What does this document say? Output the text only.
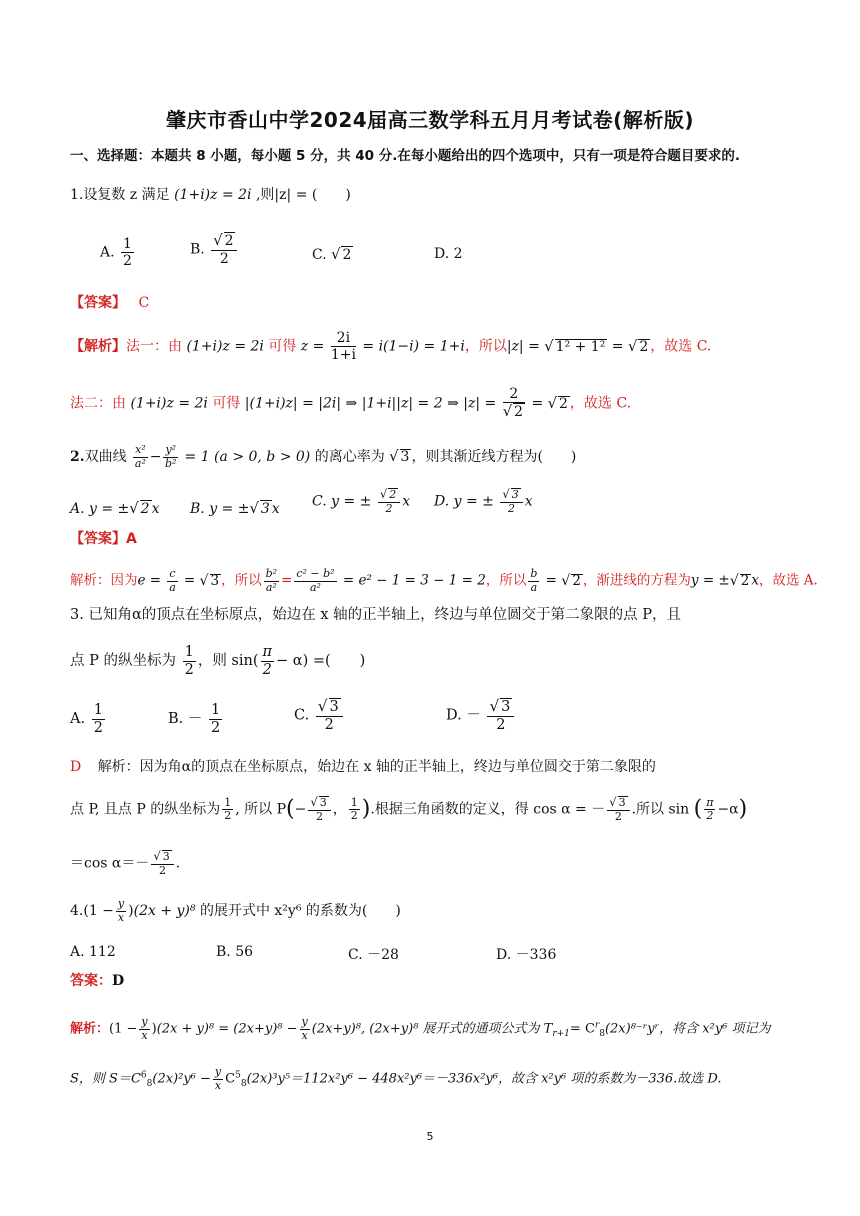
肇庆市香山中学2024届高三数学科五月月考试卷(解析版)
一、选择题：本题共 8 小题，每小题 5 分，共 40 分.在每小题给出的四个选项中，只有一项是符合题目要求的.
1.设复数 z 满足 (1+i)z = 2i ,则|z| = (　　)
A. $\frac{1}{2}$	B. $\frac{√ 2}{2}$	C. √ 2	D. 2
【答案】 C
【解析】法一：由 (1+i)z = 2i 可得 $z = \frac{2i}{1+i} = i(1-i) = 1+i$，所以|z| = √ 1² + 1² = √ 2 ，故选 C.
法二：由 (1+i)z = 2i 可得 |(1+i)z| = |2i| ⇒ |1+i||z| = 2 ⇒ $|z| = \frac{2}{√ 2}$ = √ 2 ，故选 C.
2.双曲线 $\frac{\text{x²}}{\text{a²}} - \frac{\text{y²}}{\text{b²}} = 1$ (a > 0, b > 0) 的离心率为 √ 3 ，则其渐近线方程为(　　)
A. y = ±√ 2 x B. y = ±√ 3 x C. y = ± $\frac{√ 2}{2}$ x D. y = ± $\frac{√ 3}{2}$ x
【答案】A
解析：因为$e = \frac{c}{a}$ = √ 3 ，所以 $\frac{\text{b²}}{\text{a²}} = \frac{\text{c² − b²}}{\text{a²}} = e^2 - 1 = 3 - 1 = 2$，所以 $\frac{b}{a}$ = √ 2 ，渐进线的方程为y = ±√ 2 x，故选 A.
3. 已知角α的顶点在坐标原点，始边在 x 轴的正半轴上，终边与单位圆交于第二象限的点 P，且
点 P 的纵坐标为 $\frac{1}{2}$ ，则 $\sin( \frac{\pi}{2} - \alpha)$ =(　　)
A. $\frac{1}{2}$	B. － $\frac{1}{2}$	C. $\frac{√ 3}{2}$	D. － $\frac{√ 3}{2}$
D 解析：因为角α的顶点在坐标原点，始边在 x 轴的正半轴上，终边与单位圆交于第二象限的
点 P, 且点 P 的纵坐标为 $\frac{1}{2}$ , 所以 $P(- \frac{√ 3}{2}$ ， $\frac{1}{2}$ ).根据三角函数的定义，得 cos α = － $\frac{√ 3}{2}$ .所以 sin ( $\frac{\pi}{2} -\alpha$)
＝cos $\alpha=- \frac{√ 3}{2}$ .
$4.(1 - \frac{y}{x} )(2x + y)^8$ 的展开式中 x²y⁶ 的系数为(　　)
A. 112	B. 56	C. －28	D. －336
答案：D
解析：$(1 - \frac{y}{x} )(2x + y)^8 = (2x+y)^8 - \frac{y}{x} (2x+y)^8$, (2x+y)⁸ 展开式的通项公式为 $T_{r+1}=$ $C^r_8(2x)^{8-}ʳyʳ$，将含 x²y⁶ 项记为
S，则 $S=C^6_8(2x)^2y^6 - \frac{y}{x} C^5_8(2x)^3y^5=112x^2y^6 - 448x^2y^6=-336x^2y^6$，故含 x²y⁶ 项的系数为－336.故选 D.
5
